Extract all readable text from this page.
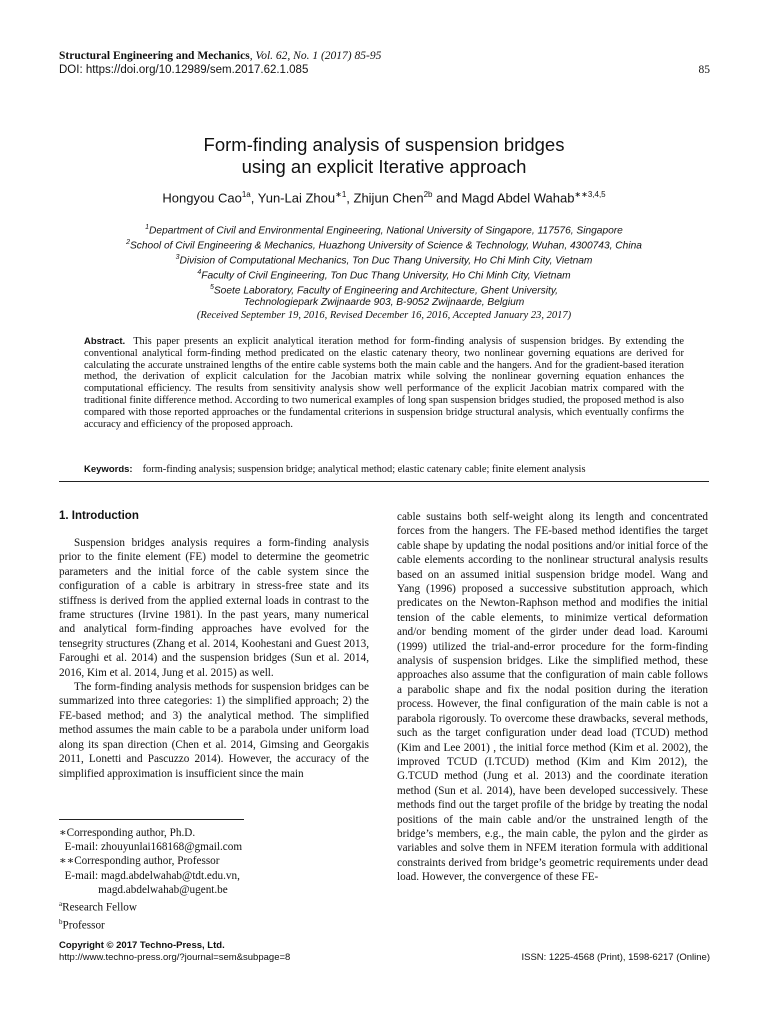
Structural Engineering and Mechanics, Vol. 62, No. 1 (2017) 85-95
DOI: https://doi.org/10.12989/sem.2017.62.1.085	85
Form-finding analysis of suspension bridges
using an explicit Iterative approach
Hongyou Cao$^{1a}$, Yun-Lai Zhou$^{∗1}$, Zhijun Chen$^{2b}$ and Magd Abdel Wahab$^{∗∗3,4,5}$
$^1$Department of Civil and Environmental Engineering, National University of Singapore, 117576, Singapore
$^2$School of Civil Engineering & Mechanics, Huazhong University of Science & Technology, Wuhan, 4300743, China
$^3$Division of Computational Mechanics, Ton Duc Thang University, Ho Chi Minh City, Vietnam
$^4$Faculty of Civil Engineering, Ton Duc Thang University, Ho Chi Minh City, Vietnam
$^5$Soete Laboratory, Faculty of Engineering and Architecture, Ghent University,
Technologiepark Zwijnaarde 903, B-9052 Zwijnaarde, Belgium
(Received September 19, 2016, Revised December 16, 2016, Accepted January 23, 2017)
Abstract. This paper presents an explicit analytical iteration method for form-finding analysis of suspension bridges. By extending the conventional analytical form-finding method predicated on the elastic catenary theory, two nonlinear governing equations are derived for calculating the accurate unstrained lengths of the entire cable systems both the main cable and the hangers. And for the gradient-based iteration method, the derivation of explicit calculation for the Jacobian matrix while solving the nonlinear governing equation enhances the computational efficiency. The results from sensitivity analysis show well performance of the explicit Jacobian matrix compared with the traditional finite difference method. According to two numerical examples of long span suspension bridges studied, the proposed method is also compared with those reported approaches or the fundamental criterions in suspension bridge structural analysis, which eventually confirms the accuracy and efficiency of the proposed approach.
Keywords: form-finding analysis; suspension bridge; analytical method; elastic catenary cable; finite element analysis
1. Introduction

Suspension bridges analysis requires a form-finding analysis prior to the finite element (FE) model to determine the geometric parameters and the initial force of the cable system since the configuration of a cable is arbitrary in stress-free state and its stiffness is derived from the applied external loads in contrast to the frame structures (Irvine 1981). In the past years, many numerical and analytical form-finding approaches have evolved for the tensegrity structures (Zhang et al. 2014, Koohestani and Guest 2013, Faroughi et al. 2014) and the suspension bridges (Sun et al. 2014, 2016, Kim et al. 2014, Jung et al. 2015) as well.

The form-finding analysis methods for suspension bridges can be summarized into three categories: 1) the simplified approach; 2) the FE-based method; and 3) the analytical method. The simplified method assumes the main cable to be a parabola under uniform load along its span direction (Chen et al. 2014, Gimsing and Georgakis 2011, Lonetti and Pascuzzo 2014). However, the accuracy of the simplified approximation is insufficient since the main

cable sustains both self-weight along its length and concentrated forces from the hangers. The FE-based method identifies the target cable shape by updating the nodal positions and/or initial force of the cable elements according to the nonlinear structural analysis results based on an assumed initial suspension bridge model. Wang and Yang (1996) proposed a successive substitution approach, which predicates on the Newton-Raphson method and modifies the initial tension of the cable elements, to minimize vertical deformation and/or bending moment of the girder under dead load. Karoumi (1999) utilized the trial-and-error procedure for the form-finding analysis of suspension bridges. Like the simplified method, these approaches also assume that the configuration of main cable follows a parabolic shape and fix the nodal position during the iteration process. However, the final configuration of the main cable is not a parabola rigorously. To overcome these drawbacks, several methods, such as the target configuration under dead load (TCUD) method (Kim and Lee 2001) , the initial force method (Kim et al. 2002), the improved TCUD (I.TCUD) method (Kim and Kim 2012), the G.TCUD method (Jung et al. 2013) and the coordinate iteration method (Sun et al. 2014), have been developed successively. These methods find out the target profile of the bridge by treating the nodal positions of the main cable and/or the unstrained length of the bridge’s members, e.g., the main cable, the pylon and the girder as variables and solve them in NFEM iteration formula with additional constraints derived from bridge’s geometric requirements under dead load. However, the convergence of these FE-

∗Corresponding author, Ph.D.
E-mail: zhouyunlai168168@gmail.com
∗∗Corresponding author, Professor
E-mail: magd.abdelwahab@tdt.edu.vn,
magd.abdelwahab@ugent.be
$^a$Research Fellow
$^b$Professor
Copyright © 2017 Techno-Press, Ltd.
http://www.techno-press.org/?journal=sem&subpage=8	ISSN: 1225-4568 (Print), 1598-6217 (Online)
